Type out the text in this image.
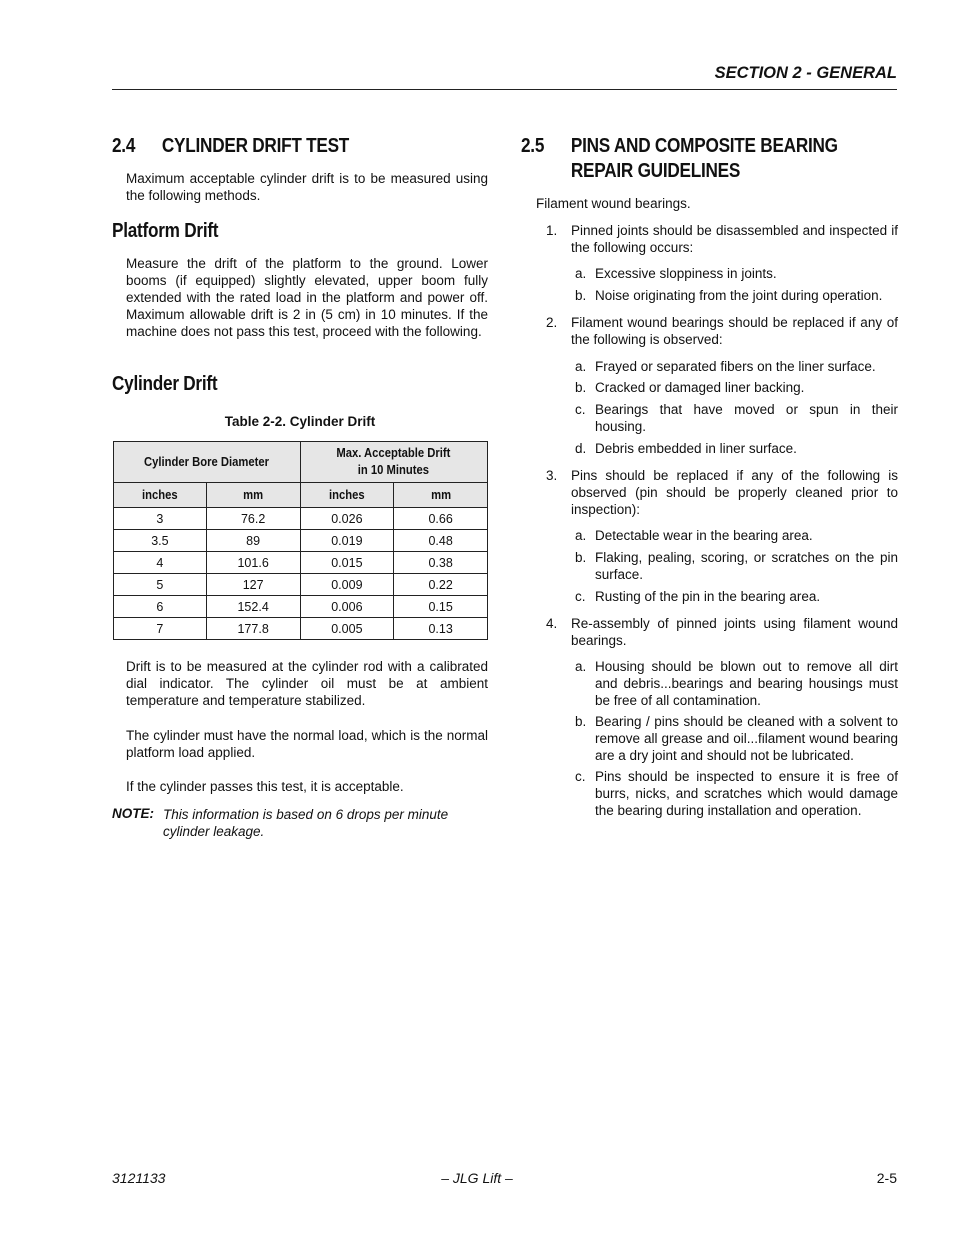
SECTION 2 - GENERAL
2.4 CYLINDER DRIFT TEST
Maximum acceptable cylinder drift is to be measured using the following methods.
Platform Drift
Measure the drift of the platform to the ground. Lower booms (if equipped) slightly elevated, upper boom fully extended with the rated load in the platform and power off. Maximum allowable drift is 2 in (5 cm) in 10 minutes. If the machine does not pass this test, proceed with the following.
Cylinder Drift
Table 2-2. Cylinder Drift
Cylinder Bore Diameter		Max. Acceptable Drift
in 10 Minutes	
inches	mm	inches	mm
3	76.2	0.026	0.66
3.5	89	0.019	0.48
4	101.6	0.015	0.38
5	127	0.009	0.22
6	152.4	0.006	0.15
7	177.8	0.005	0.13
Drift is to be measured at the cylinder rod with a calibrated dial indicator. The cylinder oil must be at ambient temperature and temperature stabilized.
The cylinder must have the normal load, which is the normal platform load applied.
If the cylinder passes this test, it is acceptable.
NOTE: This information is based on 6 drops per minute cylinder leakage.
2.5 PINS AND COMPOSITE BEARING
REPAIR GUIDELINES
Filament wound bearings.
1. Pinned joints should be disassembled and inspected if the following occurs:
a. Excessive sloppiness in joints.
b. Noise originating from the joint during operation.
2. Filament wound bearings should be replaced if any of the following is observed:
a. Frayed or separated fibers on the liner surface.
b. Cracked or damaged liner backing.
c. Bearings that have moved or spun in their housing.
d. Debris embedded in liner surface.
3. Pins should be replaced if any of the following is observed (pin should be properly cleaned prior to inspection):
a. Detectable wear in the bearing area.
b. Flaking, pealing, scoring, or scratches on the pin surface.
c. Rusting of the pin in the bearing area.
4. Re-assembly of pinned joints using filament wound bearings.
a. Housing should be blown out to remove all dirt and debris...bearings and bearing housings must be free of all contamination.
b. Bearing / pins should be cleaned with a solvent to remove all grease and oil...filament wound bearing are a dry joint and should not be lubricated.
c. Pins should be inspected to ensure it is free of burrs, nicks, and scratches which would damage the bearing during installation and operation.
3121133	– JLG Lift –	2-5
